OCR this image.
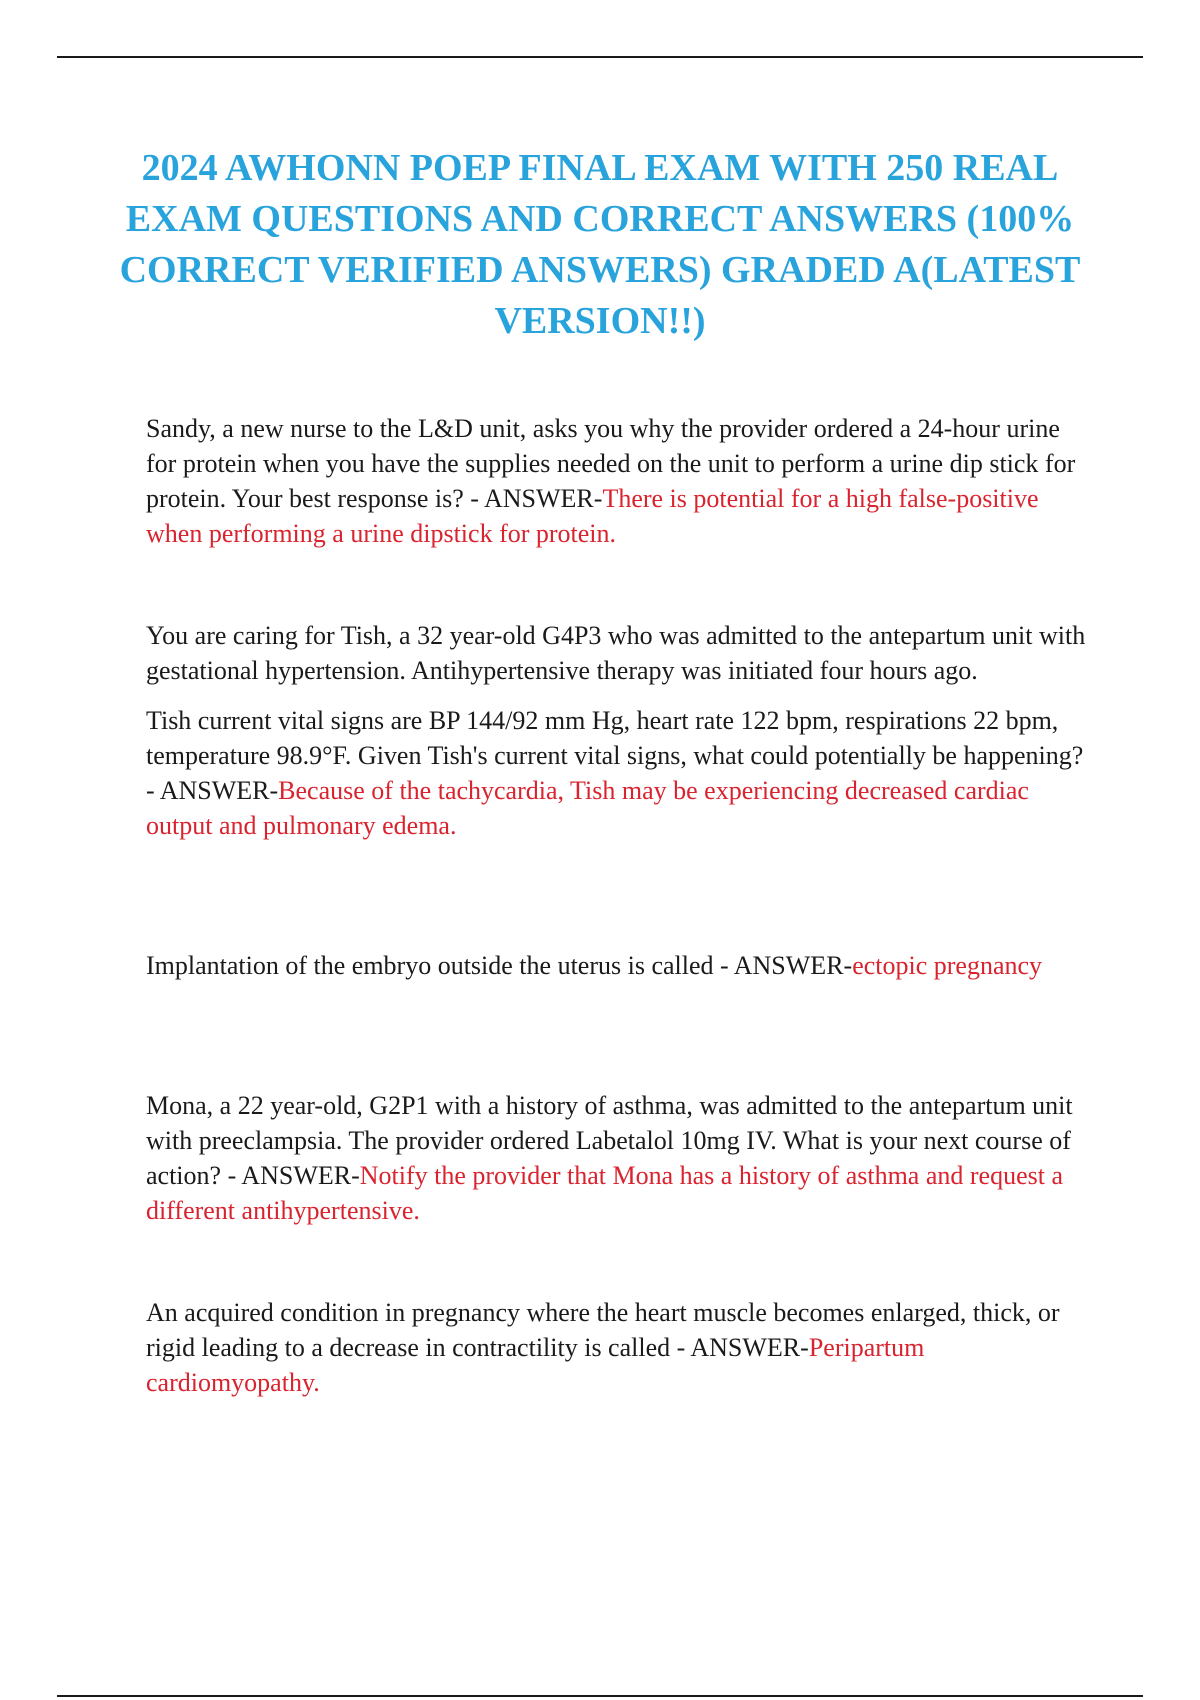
2024 AWHONN POEP FINAL EXAM WITH 250 REAL EXAM QUESTIONS AND CORRECT ANSWERS (100% CORRECT VERIFIED ANSWERS) GRADED A(LATEST VERSION!!)

Sandy, a new nurse to the L&D unit, asks you why the provider ordered a 24-hour urine for protein when you have the supplies needed on the unit to perform a urine dip stick for protein. Your best response is? - ANSWER-There is potential for a high false-positive when performing a urine dipstick for protein.

You are caring for Tish, a 32 year-old G4P3 who was admitted to the antepartum unit with gestational hypertension. Antihypertensive therapy was initiated four hours ago.

Tish current vital signs are BP 144/92 mm Hg, heart rate 122 bpm, respirations 22 bpm, temperature 98.9°F. Given Tish's current vital signs, what could potentially be happening? - ANSWER-Because of the tachycardia, Tish may be experiencing decreased cardiac output and pulmonary edema.

Implantation of the embryo outside the uterus is called - ANSWER-ectopic pregnancy

Mona, a 22 year-old, G2P1 with a history of asthma, was admitted to the antepartum unit with preeclampsia. The provider ordered Labetalol 10mg IV. What is your next course of action? - ANSWER-Notify the provider that Mona has a history of asthma and request a different antihypertensive.

An acquired condition in pregnancy where the heart muscle becomes enlarged, thick, or rigid leading to a decrease in contractility is called - ANSWER-Peripartum cardiomyopathy.
